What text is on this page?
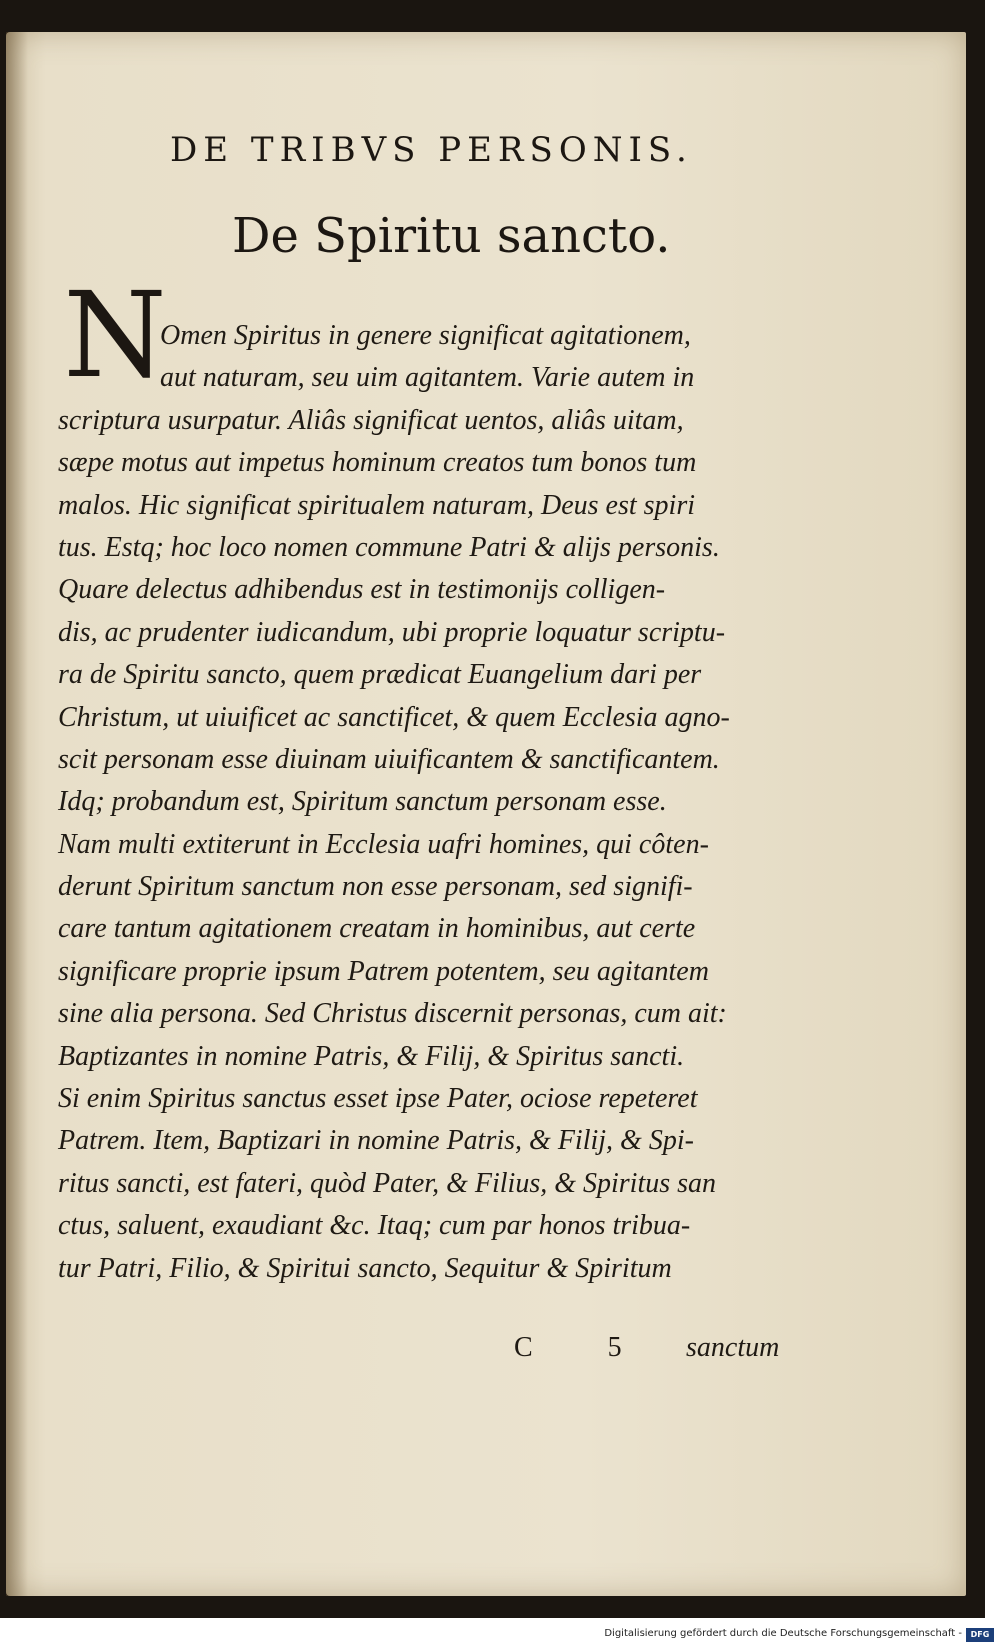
DE TRIBVS PERSONIS.
De Spiritu sancto.
N
Omen Spiritus in genere significat agitationem,
aut naturam, seu uim agitantem. Varie autem in
scriptura usurpatur. Aliâs significat uentos, aliâs uitam,
sæpe motus aut impetus hominum creatos tum bonos tum
malos. Hic significat spiritualem naturam, Deus est spiri
tus. Estq; hoc loco nomen commune Patri & alijs personis.
Quare delectus adhibendus est in testimonijs colligen-
dis, ac prudenter iudicandum, ubi proprie loquatur scriptu-
ra de Spiritu sancto, quem prædicat Euangelium dari per
Christum, ut uiuificet ac sanctificet, & quem Ecclesia agno-
scit personam esse diuinam uiuificantem & sanctificantem.
Idq; probandum est, Spiritum sanctum personam esse.
Nam multi extiterunt in Ecclesia uafri homines, qui côten-
derunt Spiritum sanctum non esse personam, sed signifi-
care tantum agitationem creatam in hominibus, aut certe
significare proprie ipsum Patrem potentem, seu agitantem
sine alia persona. Sed Christus discernit personas, cum ait:
Baptizantes in nomine Patris, & Filij, & Spiritus sancti.
Si enim Spiritus sanctus esset ipse Pater, ociose repeteret
Patrem. Item, Baptizari in nomine Patris, & Filij, & Spi-
ritus sancti, est fateri, quòd Pater, & Filius, & Spiritus san
ctus, saluent, exaudiant &c. Itaq; cum par honos tribua-
tur Patri, Filio, & Spiritui sancto, Sequitur & Spiritum
C 5 sanctum
Digitalisierung gefördert durch die Deutsche Forschungsgemeinschaft -	DFG
